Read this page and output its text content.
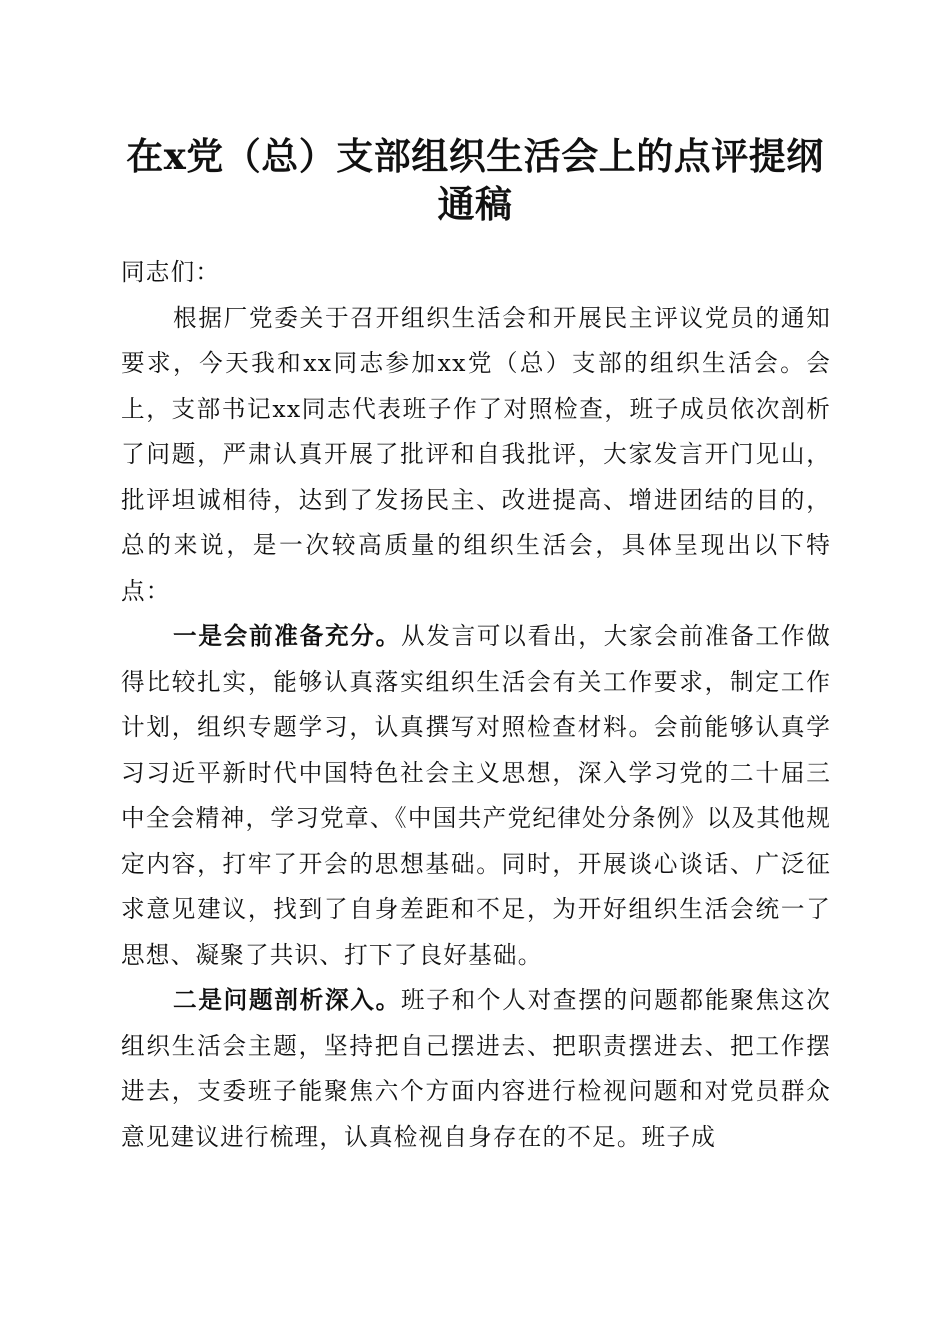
在x党（总）支部组织生活会上的点评提纲通稿

同志们：

根据厂党委关于召开组织生活会和开展民主评议党员的通知要求，今天我和xx同志参加xx党（总）支部的组织生活会。会上，支部书记xx同志代表班子作了对照检查，班子成员依次剖析了问题，严肃认真开展了批评和自我批评，大家发言开门见山，批评坦诚相待，达到了发扬民主、改进提高、增进团结的目的，总的来说，是一次较高质量的组织生活会，具体呈现出以下特点：

一是会前准备充分。从发言可以看出，大家会前准备工作做得比较扎实，能够认真落实组织生活会有关工作要求，制定工作计划，组织专题学习，认真撰写对照检查材料。会前能够认真学习习近平新时代中国特色社会主义思想，深入学习党的二十届三中全会精神，学习党章、《中国共产党纪律处分条例》以及其他规定内容，打牢了开会的思想基础。同时，开展谈心谈话、广泛征求意见建议，找到了自身差距和不足，为开好组织生活会统一了思想、凝聚了共识、打下了良好基础。

二是问题剖析深入。班子和个人对查摆的问题都能聚焦这次组织生活会主题，坚持把自己摆进去、把职责摆进去、把工作摆进去，支委班子能聚焦六个方面内容进行检视问题和对党员群众意见建议进行梳理，认真检视自身存在的不足。班子成
